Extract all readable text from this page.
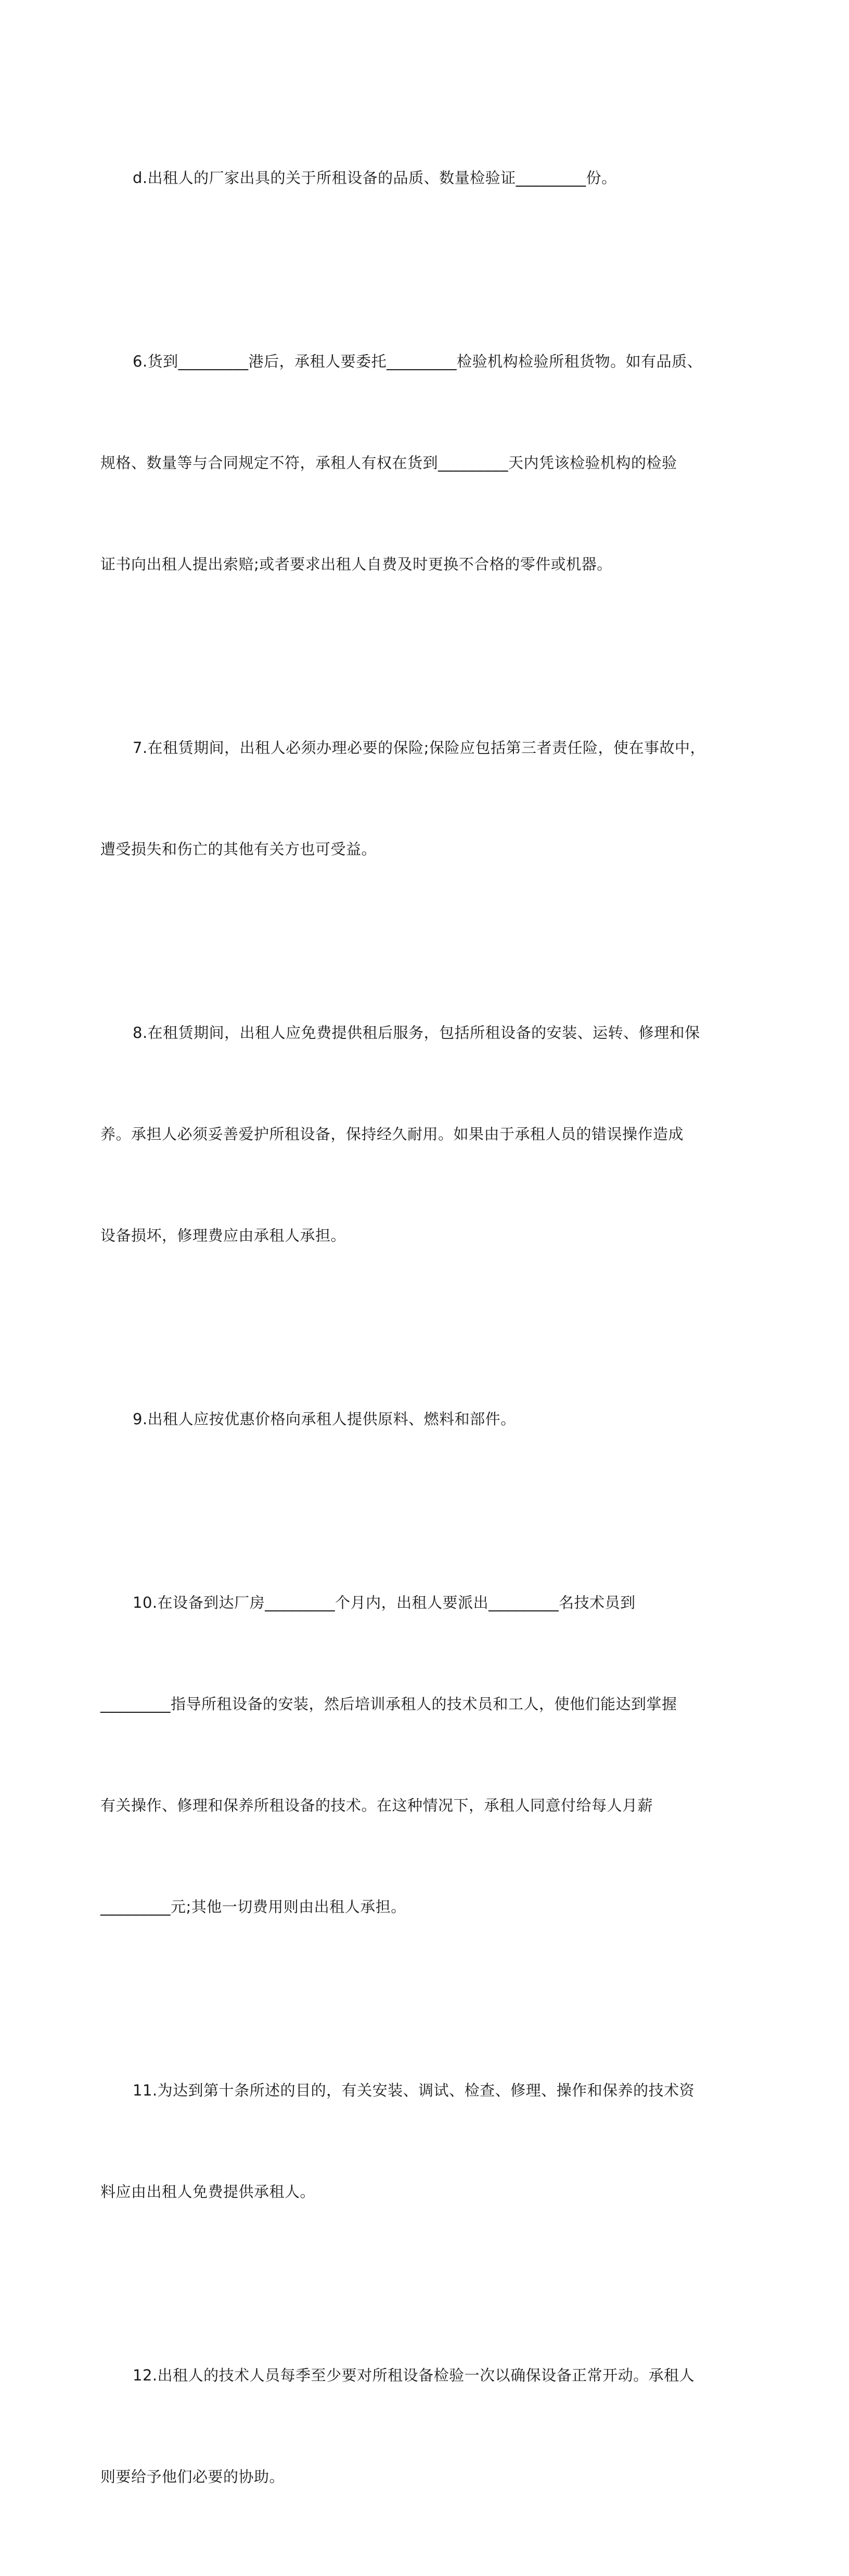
d.出租人的厂家出具的关于所租设备的品质、数量检验证_________份。

6.货到_________港后，承租人要委托_________检验机构检验所租货物。如有品质、

规格、数量等与合同规定不符，承租人有权在货到_________天内凭该检验机构的检验

证书向出租人提出索赔;或者要求出租人自费及时更换不合格的零件或机器。

7.在租赁期间，出租人必须办理必要的保险;保险应包括第三者责任险，使在事故中，

遭受损失和伤亡的其他有关方也可受益。

8.在租赁期间，出租人应免费提供租后服务，包括所租设备的安装、运转、修理和保

养。承担人必须妥善爱护所租设备，保持经久耐用。如果由于承租人员的错误操作造成

设备损坏，修理费应由承租人承担。

9.出租人应按优惠价格向承租人提供原料、燃料和部件。

10.在设备到达厂房_________个月内，出租人要派出_________名技术员到

_________指导所租设备的安装，然后培训承租人的技术员和工人，使他们能达到掌握

有关操作、修理和保养所租设备的技术。在这种情况下，承租人同意付给每人月薪

_________元;其他一切费用则由出租人承担。

11.为达到第十条所述的目的，有关安装、调试、检查、修理、操作和保养的技术资

料应由出租人免费提供承租人。

12.出租人的技术人员每季至少要对所租设备检验一次以确保设备正常开动。承租人

则要给予他们必要的协助。
